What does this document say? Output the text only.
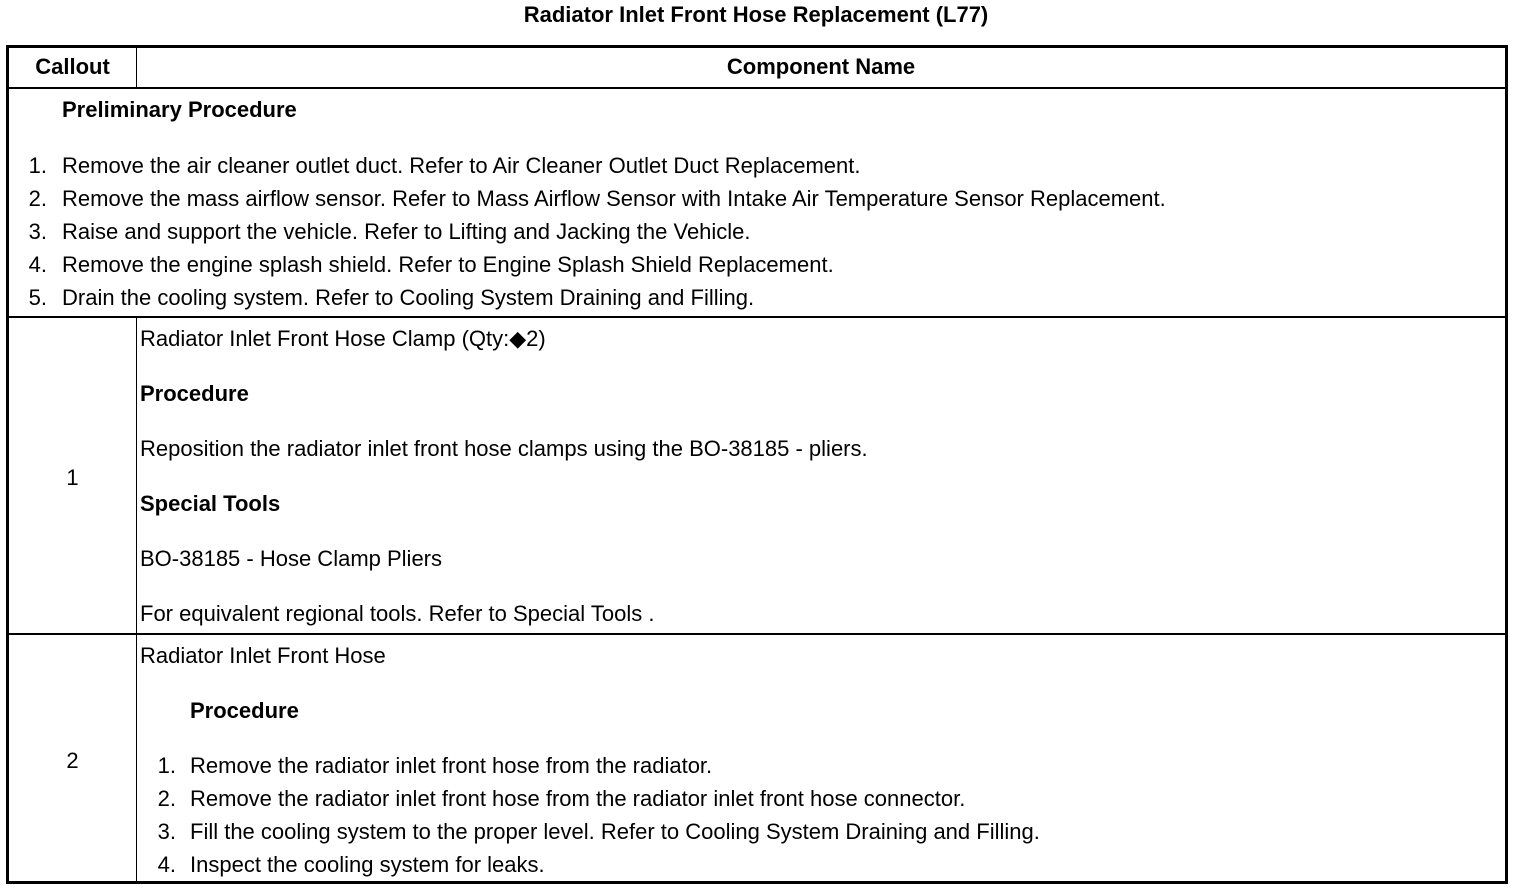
Radiator Inlet Front Hose Replacement (L77)
Callout	Component Name
Preliminary Procedure
1. Remove the air cleaner outlet duct. Refer to Air Cleaner Outlet Duct Replacement.
2. Remove the mass airflow sensor. Refer to Mass Airflow Sensor with Intake Air Temperature Sensor Replacement.
3. Raise and support the vehicle. Refer to Lifting and Jacking the Vehicle.
4. Remove the engine splash shield. Refer to Engine Splash Shield Replacement.
5. Drain the cooling system. Refer to Cooling System Draining and Filling.
1
Radiator Inlet Front Hose Clamp (Qty:◆2)
Procedure
Reposition the radiator inlet front hose clamps using the BO-38185 - pliers.
Special Tools
BO-38185 - Hose Clamp Pliers
For equivalent regional tools. Refer to Special Tools .
2
Radiator Inlet Front Hose
Procedure
1. Remove the radiator inlet front hose from the radiator.
2. Remove the radiator inlet front hose from the radiator inlet front hose connector.
3. Fill the cooling system to the proper level. Refer to Cooling System Draining and Filling.
4. Inspect the cooling system for leaks.
